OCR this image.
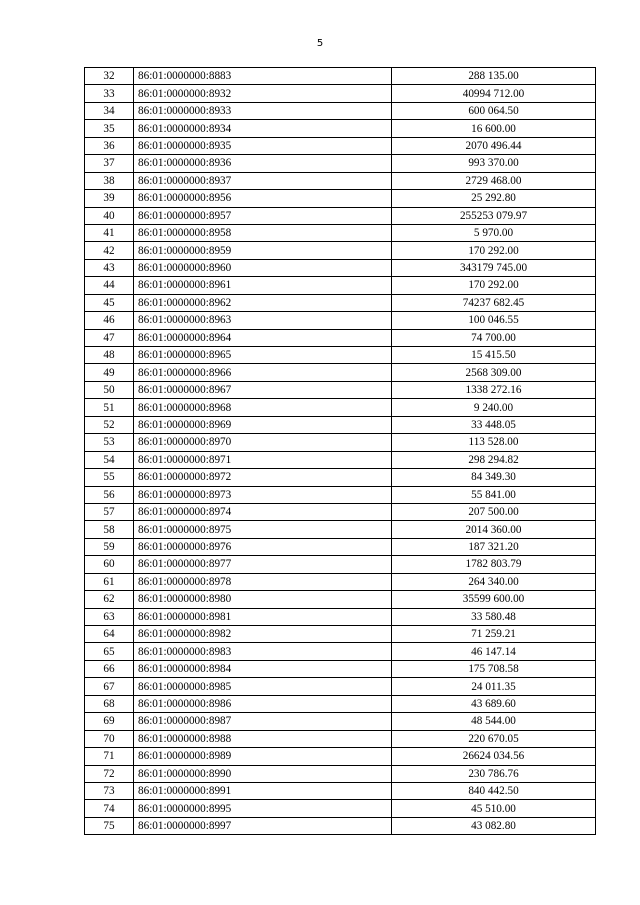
5
32	86:01:0000000:8883	288 135.00
33	86:01:0000000:8932	40994 712.00
34	86:01:0000000:8933	600 064.50
35	86:01:0000000:8934	16 600.00
36	86:01:0000000:8935	2070 496.44
37	86:01:0000000:8936	993 370.00
38	86:01:0000000:8937	2729 468.00
39	86:01:0000000:8956	25 292.80
40	86:01:0000000:8957	255253 079.97
41	86:01:0000000:8958	5 970.00
42	86:01:0000000:8959	170 292.00
43	86:01:0000000:8960	343179 745.00
44	86:01:0000000:8961	170 292.00
45	86:01:0000000:8962	74237 682.45
46	86:01:0000000:8963	100 046.55
47	86:01:0000000:8964	74 700.00
48	86:01:0000000:8965	15 415.50
49	86:01:0000000:8966	2568 309.00
50	86:01:0000000:8967	1338 272.16
51	86:01:0000000:8968	9 240.00
52	86:01:0000000:8969	33 448.05
53	86:01:0000000:8970	113 528.00
54	86:01:0000000:8971	298 294.82
55	86:01:0000000:8972	84 349.30
56	86:01:0000000:8973	55 841.00
57	86:01:0000000:8974	207 500.00
58	86:01:0000000:8975	2014 360.00
59	86:01:0000000:8976	187 321.20
60	86:01:0000000:8977	1782 803.79
61	86:01:0000000:8978	264 340.00
62	86:01:0000000:8980	35599 600.00
63	86:01:0000000:8981	33 580.48
64	86:01:0000000:8982	71 259.21
65	86:01:0000000:8983	46 147.14
66	86:01:0000000:8984	175 708.58
67	86:01:0000000:8985	24 011.35
68	86:01:0000000:8986	43 689.60
69	86:01:0000000:8987	48 544.00
70	86:01:0000000:8988	220 670.05
71	86:01:0000000:8989	26624 034.56
72	86:01:0000000:8990	230 786.76
73	86:01:0000000:8991	840 442.50
74	86:01:0000000:8995	45 510.00
75	86:01:0000000:8997	43 082.80
